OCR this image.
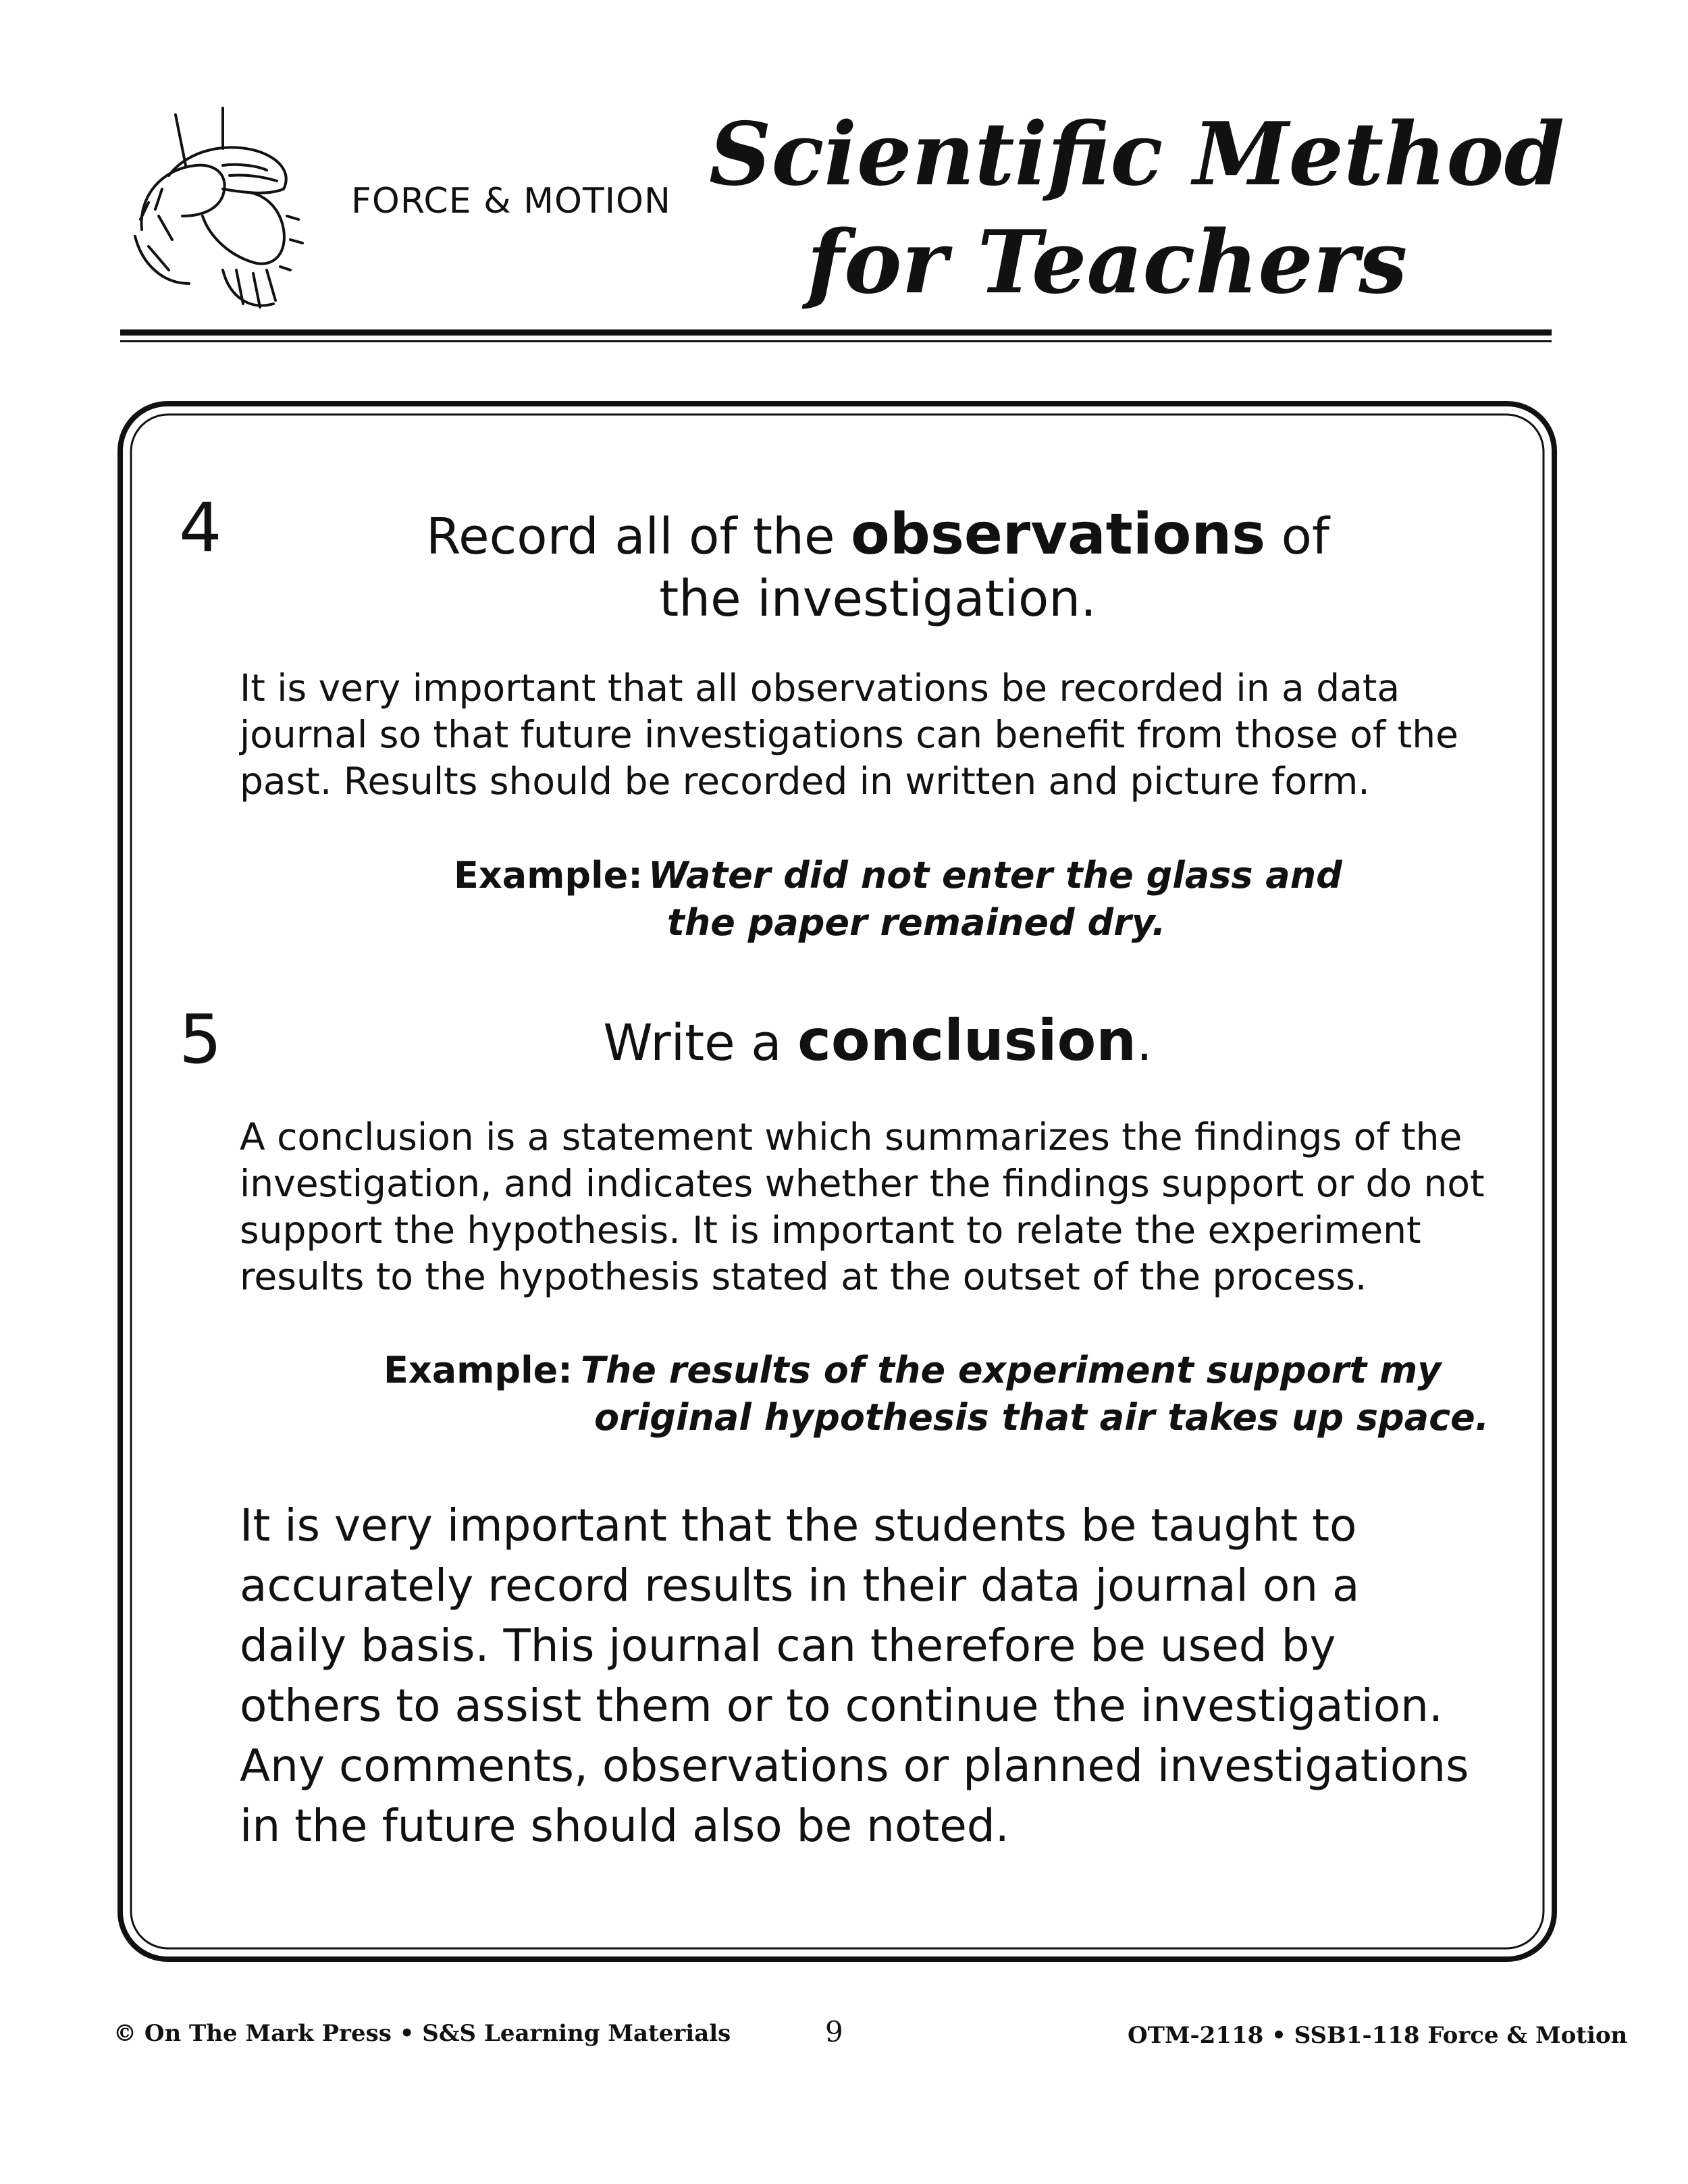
FORCE & MOTION Scientific Method
for Teachers
4	Record all of the observations of
the investigation.
It is very important that all observations be recorded in a data
journal so that future investigations can benefit from those of the
past. Results should be recorded in written and picture form.
Example: Water did not enter the glass and
the paper remained dry.
5	Write a conclusion.
A conclusion is a statement which summarizes the findings of the
investigation, and indicates whether the findings support or do not
support the hypothesis. It is important to relate the experiment
results to the hypothesis stated at the outset of the process.
Example: The results of the experiment support my
original hypothesis that air takes up space.
It is very important that the students be taught to
accurately record results in their data journal on a
daily basis. This journal can therefore be used by
others to assist them or to continue the investigation.
Any comments, observations or planned investigations
in the future should also be noted.
© On The Mark Press • S&S Learning Materials	9	OTM-2118 • SSB1-118 Force & Motion
